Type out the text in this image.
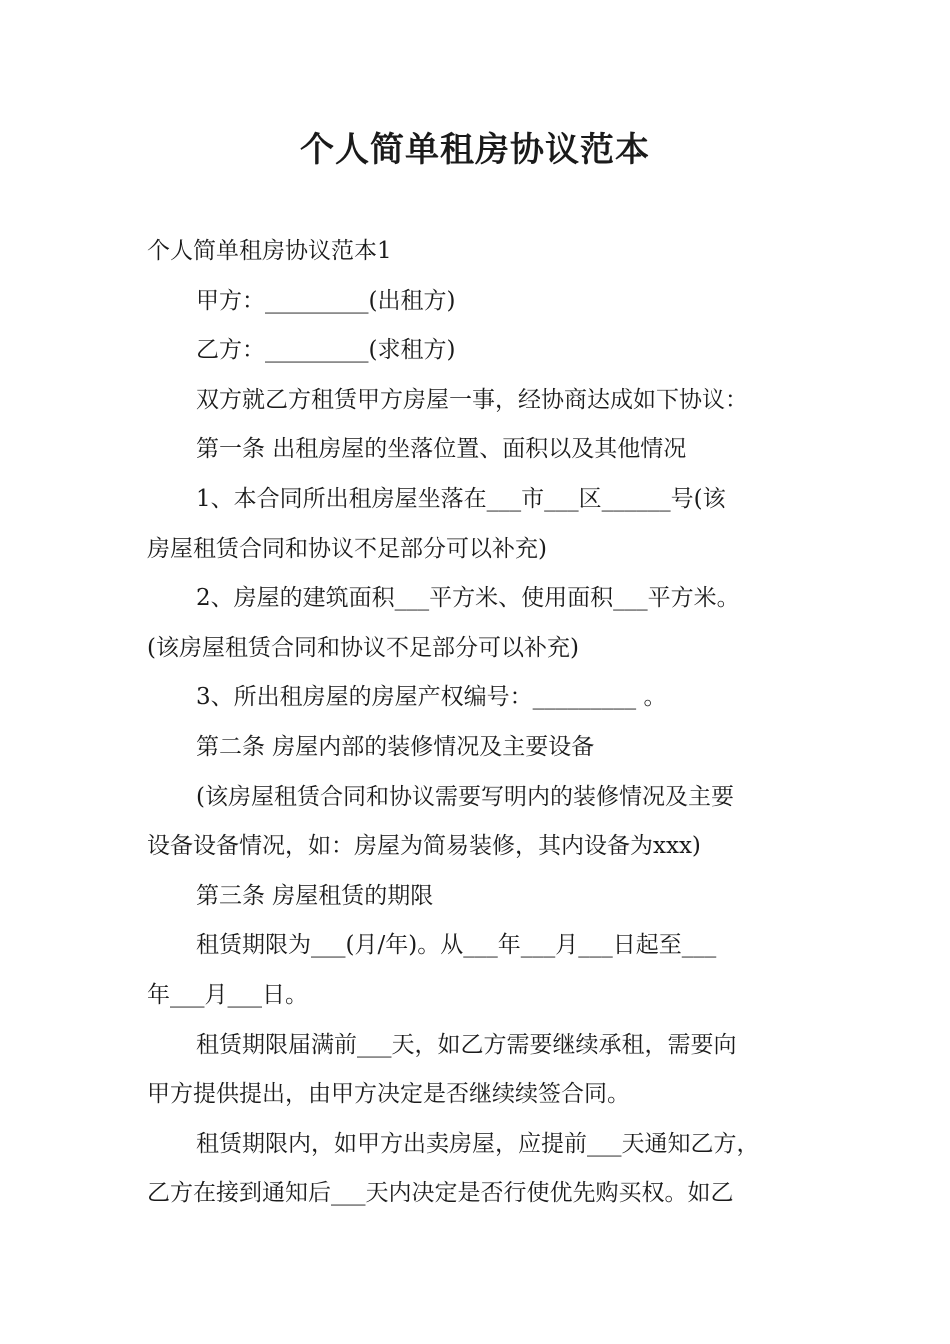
个人简单租房协议范本
个人简单租房协议范本1
甲方：_________(出租方)
乙方：_________(求租方)
双方就乙方租赁甲方房屋一事，经协商达成如下协议：
第一条 出租房屋的坐落位置、面积以及其他情况
1、本合同所出租房屋坐落在___市___区______号(该
房屋租赁合同和协议不足部分可以补充)
2、房屋的建筑面积___平方米、使用面积___平方米。
(该房屋租赁合同和协议不足部分可以补充)
3、所出租房屋的房屋产权编号：_________ 。
第二条 房屋内部的装修情况及主要设备
(该房屋租赁合同和协议需要写明内的装修情况及主要
设备设备情况，如：房屋为简易装修，其内设备为xxx)
第三条 房屋租赁的期限
租赁期限为___(月/年)。从___年___月___日起至___
年___月___日。
租赁期限届满前___天，如乙方需要继续承租，需要向
甲方提供提出，由甲方决定是否继续续签合同。
租赁期限内，如甲方出卖房屋，应提前___天通知乙方，
乙方在接到通知后___天内决定是否行使优先购买权。如乙
